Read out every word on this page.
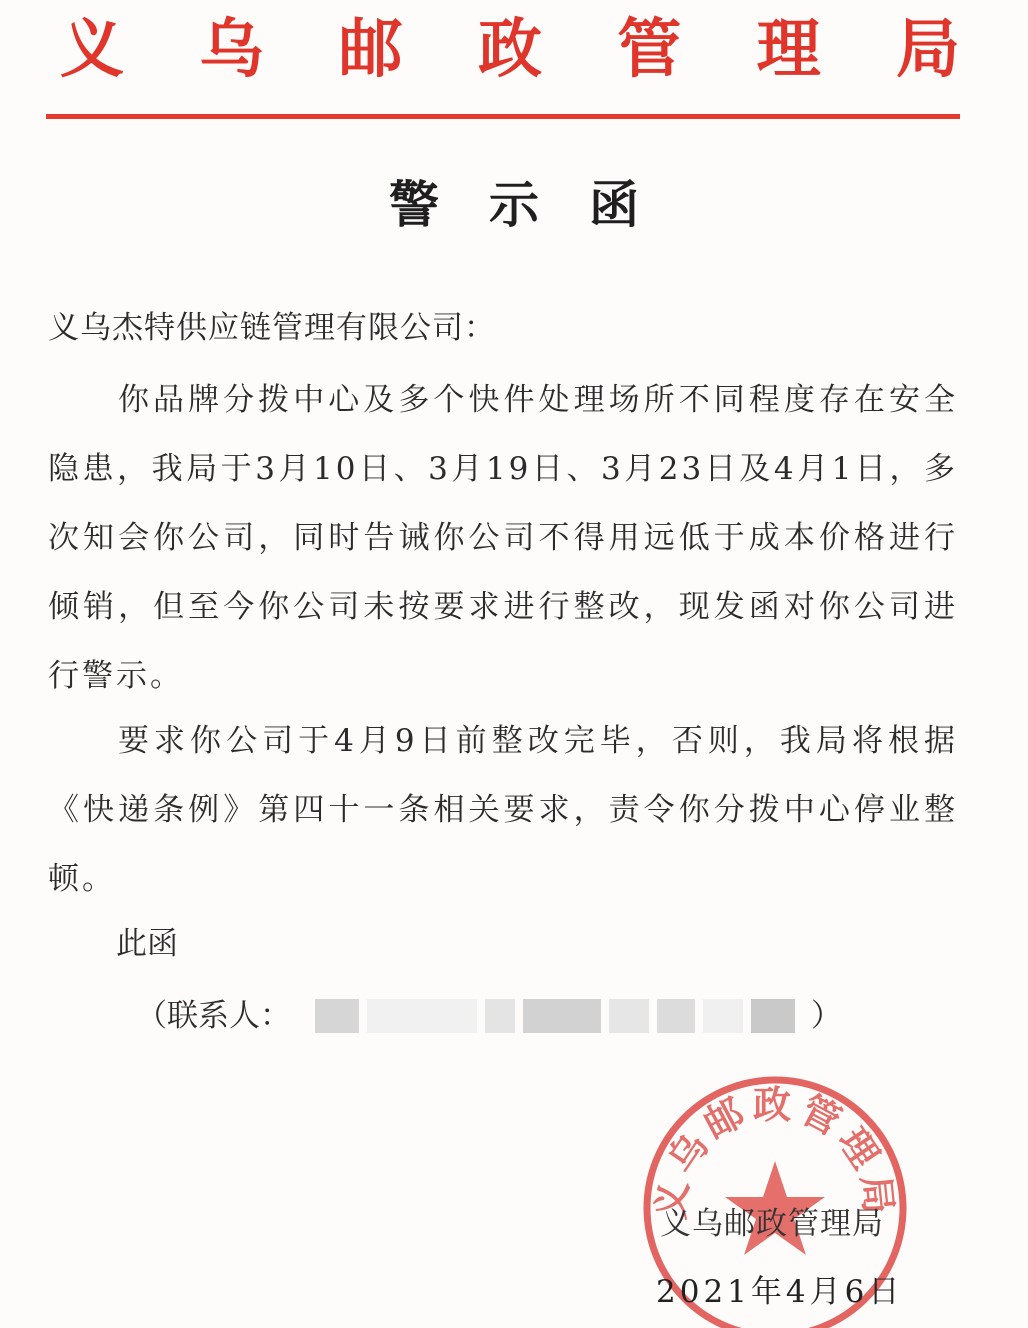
义 乌 邮 政 管 理 局
警示函
义乌杰特供应链管理有限公司：
你品牌分拨中心及多个快件处理场所不同程度存在安全隐患，我局于3月10日、3月19日、3月23日及4月1日，多次知会你公司，同时告诫你公司不得用远低于成本价格进行倾销，但至今你公司未按要求进行整改，现发函对你公司进行警示。
要求你公司于4月9日前整改完毕，否则，我局将根据《快递条例》第四十一条相关要求，责令你分拨中心停业整顿。
此函
（联系人：	）
义乌邮政管理局
义乌邮政管理局
2021年4月6日
